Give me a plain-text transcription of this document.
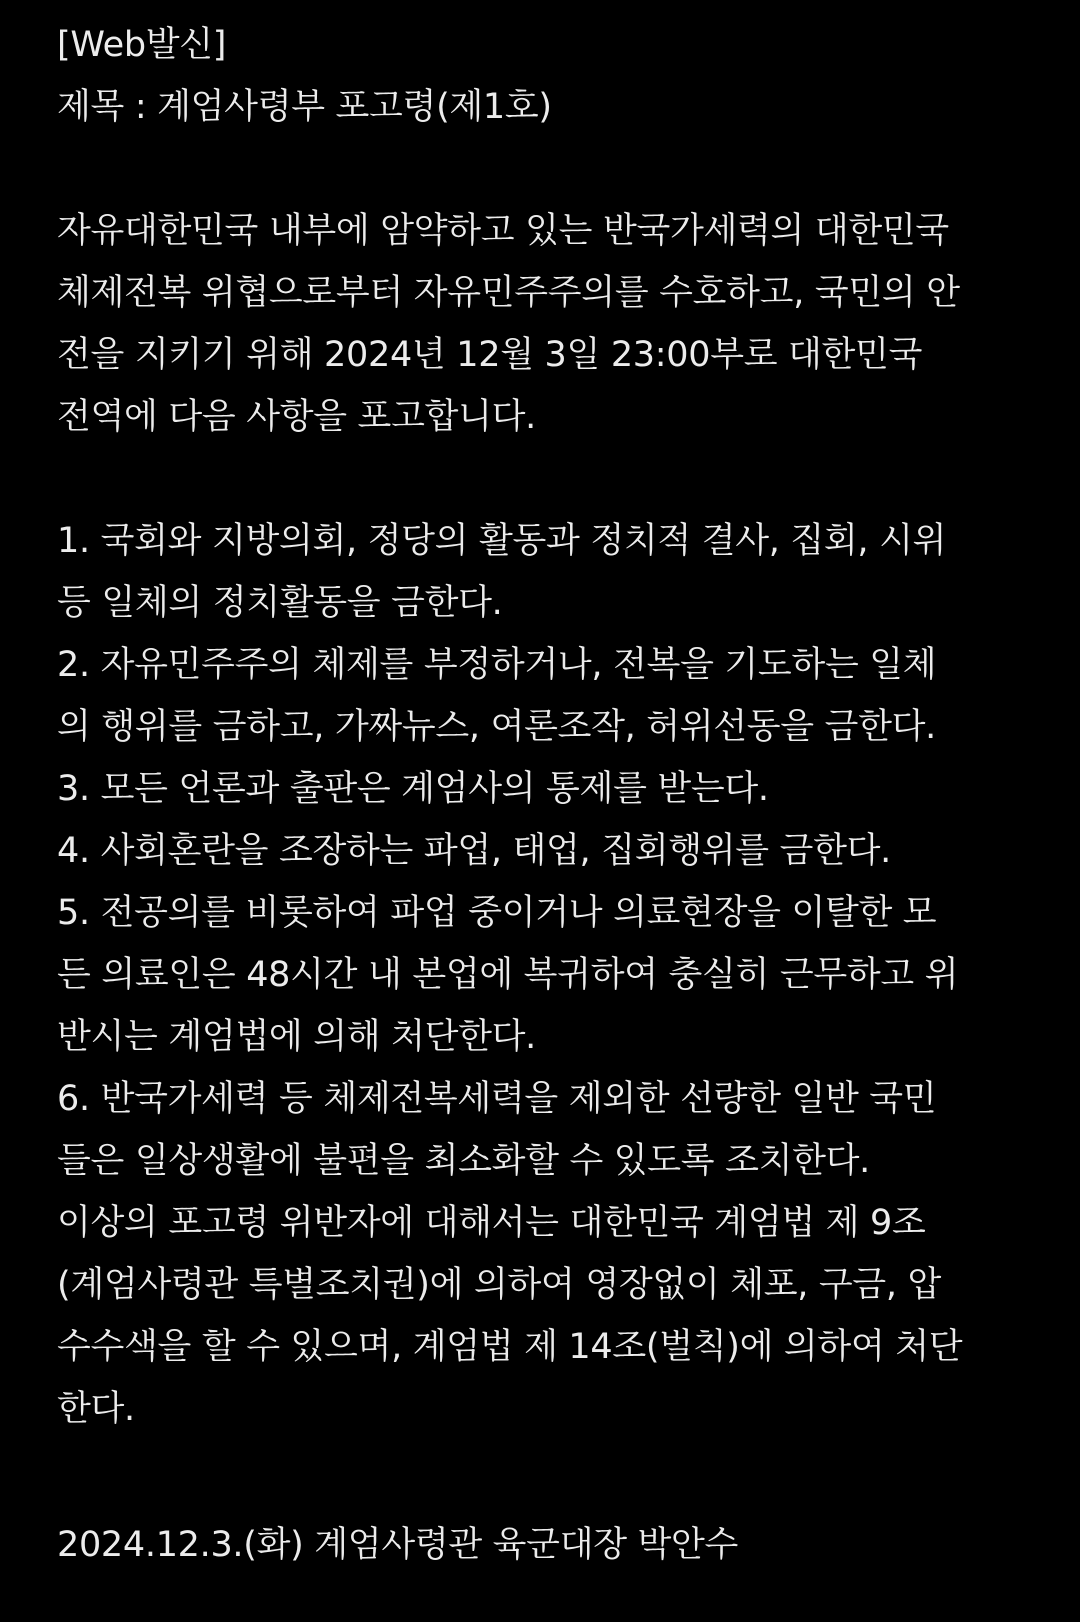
[Web발신]
제목 : 계엄사령부 포고령(제1호)
자유대한민국 내부에 암약하고 있는 반국가세력의 대한민국
체제전복 위협으로부터 자유민주주의를 수호하고, 국민의 안
전을 지키기 위해 2024년 12월 3일 23:00부로 대한민국
전역에 다음 사항을 포고합니다.
1. 국회와 지방의회, 정당의 활동과 정치적 결사, 집회, 시위
등 일체의 정치활동을 금한다.
2. 자유민주주의 체제를 부정하거나, 전복을 기도하는 일체
의 행위를 금하고, 가짜뉴스, 여론조작, 허위선동을 금한다.
3. 모든 언론과 출판은 계엄사의 통제를 받는다.
4. 사회혼란을 조장하는 파업, 태업, 집회행위를 금한다.
5. 전공의를 비롯하여 파업 중이거나 의료현장을 이탈한 모
든 의료인은 48시간 내 본업에 복귀하여 충실히 근무하고 위
반시는 계엄법에 의해 처단한다.
6. 반국가세력 등 체제전복세력을 제외한 선량한 일반 국민
들은 일상생활에 불편을 최소화할 수 있도록 조치한다.
이상의 포고령 위반자에 대해서는 대한민국 계엄법 제 9조
(계엄사령관 특별조치권)에 의하여 영장없이 체포, 구금, 압
수수색을 할 수 있으며, 계엄법 제 14조(벌칙)에 의하여 처단
한다.
2024.12.3.(화) 계엄사령관 육군대장 박안수
